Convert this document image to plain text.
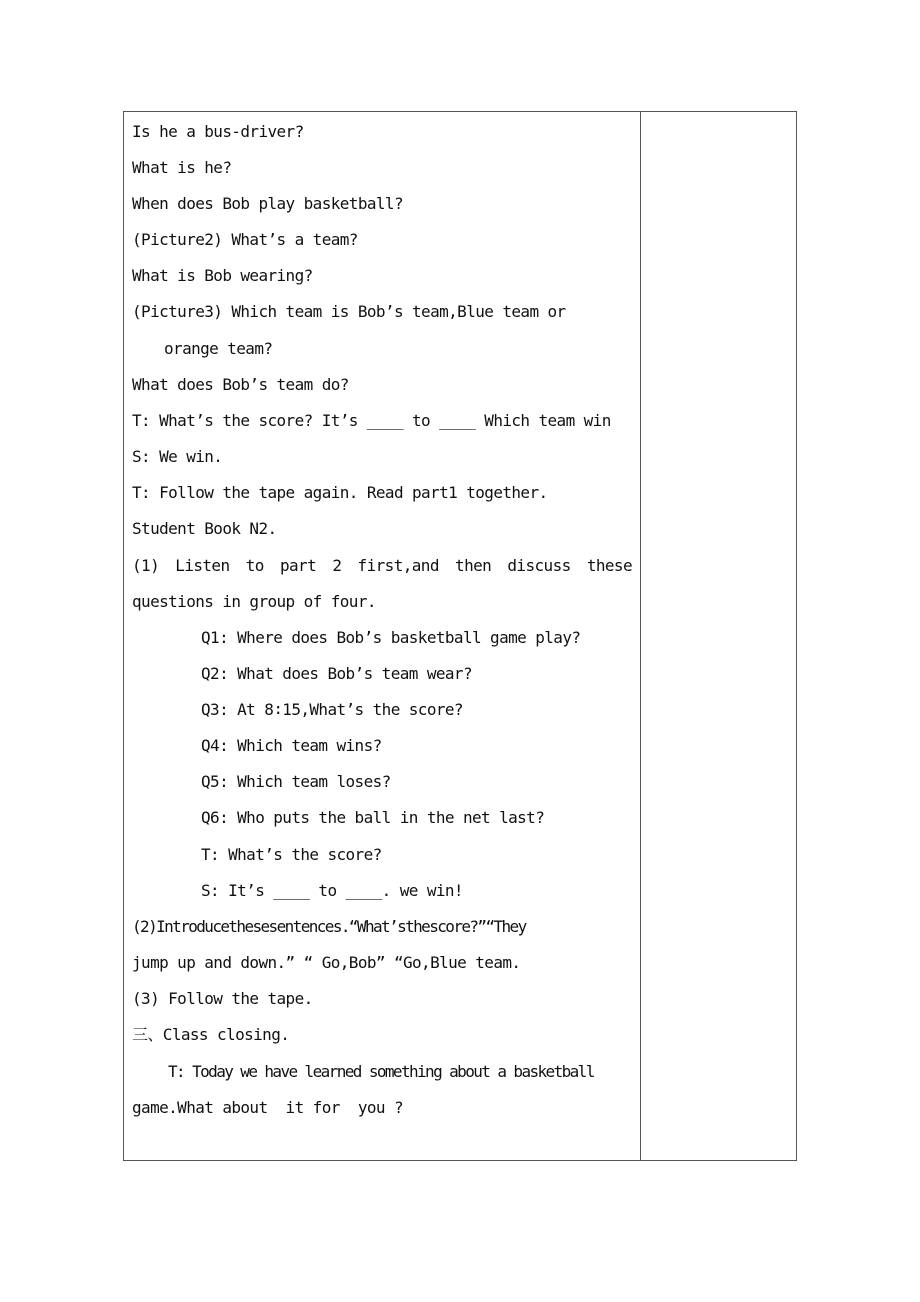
Is he a bus-driver?
What is he?
When does Bob play basketball?
(Picture2) What’s a team?
What is Bob wearing?
(Picture3) Which team is Bob’s team,Blue team or
orange team?
What does Bob’s team do?
T: What’s the score? It’s ____ to ____ Which team win
S: We win.
T: Follow the tape again. Read part1 together.
Student Book N2.
(1) Listen to part 2 first,and then discuss these
questions in group of four.
Q1: Where does Bob’s basketball game play?
Q2: What does Bob’s team wear?
Q3: At 8∶15,What’s the score?
Q4: Which team wins?
Q5: Which team loses?
Q6: Who puts the ball in the net last?
T: What’s the score?
S: It’s ____ to ____. we win!
(2)Introducethesesentences.“What’sthescore?”“They
jump up and down.” “ Go,Bob” “Go,Blue team.
(3) Follow the tape.
三、Class closing.
T: Today we have learned something about a basketball
game.What about  it for  you ?
